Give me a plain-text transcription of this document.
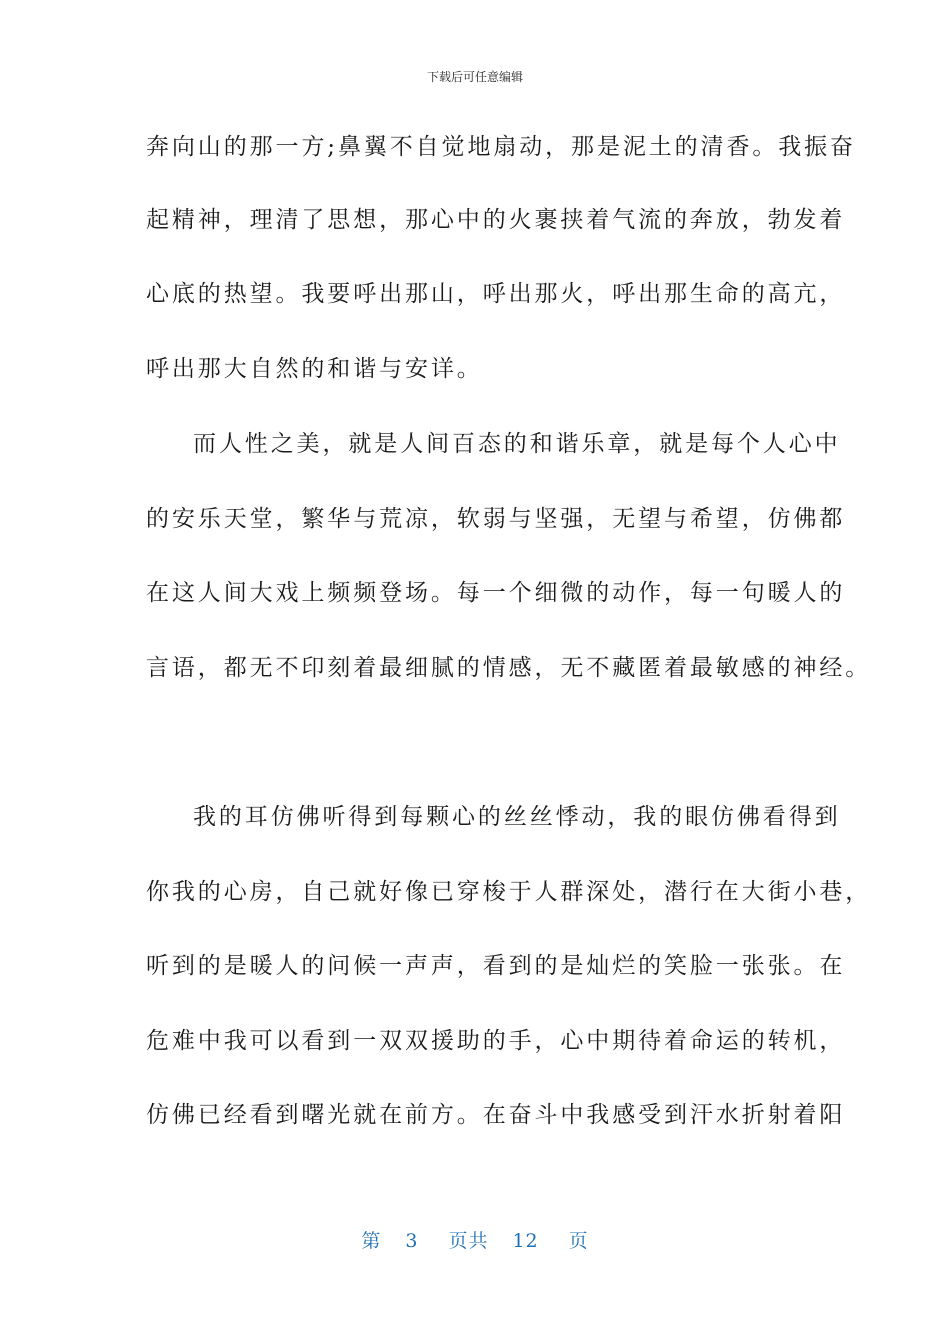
下载后可任意编辑
奔向山的那一方;鼻翼不自觉地扇动，那是泥土的清香。我振奋
起精神，理清了思想，那心中的火裹挟着气流的奔放，勃发着
心底的热望。我要呼出那山，呼出那火，呼出那生命的高亢，
呼出那大自然的和谐与安详。
而人性之美，就是人间百态的和谐乐章，就是每个人心中
的安乐天堂，繁华与荒凉，软弱与坚强，无望与希望，仿佛都
在这人间大戏上频频登场。每一个细微的动作，每一句暖人的
言语，都无不印刻着最细腻的情感，无不藏匿着最敏感的神经。
我的耳仿佛听得到每颗心的丝丝悸动，我的眼仿佛看得到
你我的心房，自己就好像已穿梭于人群深处，潜行在大街小巷，
听到的是暖人的问候一声声，看到的是灿烂的笑脸一张张。在
危难中我可以看到一双双援助的手，心中期待着命运的转机，
仿佛已经看到曙光就在前方。在奋斗中我感受到汗水折射着阳
第 3 页共 12 页
